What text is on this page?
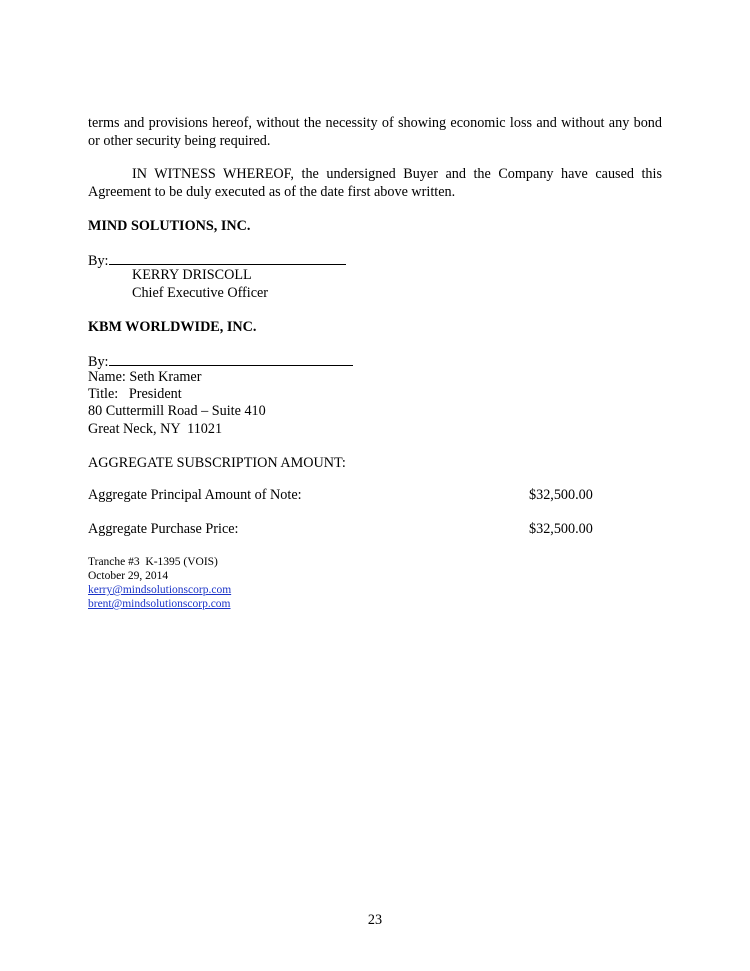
terms and provisions hereof, without the necessity of showing economic loss and without any bond or other security being required.

IN WITNESS WHEREOF, the undersigned Buyer and the Company have caused this Agreement to be duly executed as of the date first above written.

MIND SOLUTIONS, INC.
By:
KERRY DRISCOLL
Chief Executive Officer
KBM WORLDWIDE, INC.
By:
Name: Seth Kramer
Title:   President
80 Cuttermill Road – Suite 410
Great Neck, NY  11021
AGGREGATE SUBSCRIPTION AMOUNT:
Aggregate Principal Amount of Note:	$32,500.00
Aggregate Purchase Price:	$32,500.00
Tranche #3  K-1395 (VOIS)
October 29, 2014
kerry@mindsolutionscorp.com
brent@mindsolutionscorp.com
23
